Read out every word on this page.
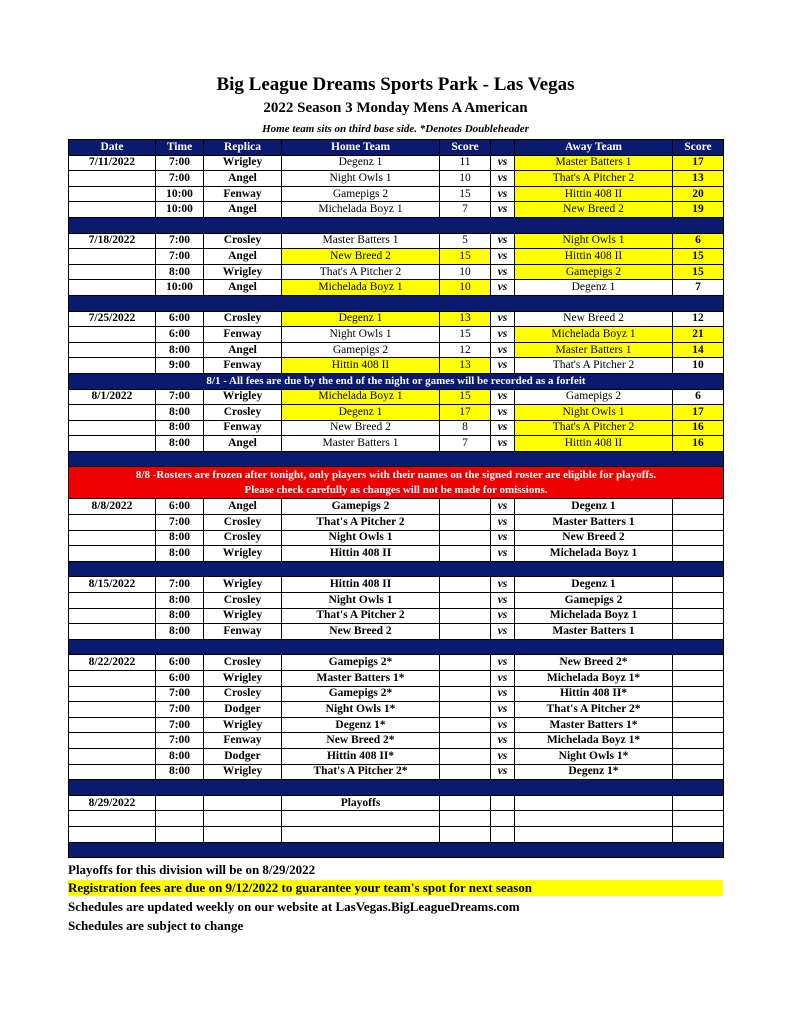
Big League Dreams Sports Park - Las Vegas
2022 Season 3 Monday Mens A American

Home team sits on third base side. *Denotes Doubleheader

Date	Time	Replica	Home Team	Score		Away Team	Score
7/11/2022	7:00	Wrigley	Degenz 1	11	vs	Master Batters 1	17
	7:00	Angel	Night Owls 1	10	vs	That's A Pitcher 2	13
	10:00	Fenway	Gamepigs 2	15	vs	Hittin 408 II	20
	10:00	Angel	Michelada Boyz 1	7	vs	New Breed 2	19

7/18/2022	7:00	Crosley	Master Batters 1	5	vs	Night Owls 1	6
	7:00	Angel	New Breed 2	15	vs	Hittin 408 II	15
	8:00	Wrigley	That's A Pitcher 2	10	vs	Gamepigs 2	15
	10:00	Angel	Michelada Boyz 1	10	vs	Degenz 1	7

7/25/2022	6:00	Crosley	Degenz 1	13	vs	New Breed 2	12
	6:00	Fenway	Night Owls 1	15	vs	Michelada Boyz 1	21
	8:00	Angel	Gamepigs 2	12	vs	Master Batters 1	14
	9:00	Fenway	Hittin 408 II	13	vs	That's A Pitcher 2	10
8/1 - All fees are due by the end of the night or games will be recorded as a forfeit							
8/1/2022	7:00	Wrigley	Michelada Boyz 1	15	vs	Gamepigs 2	6
	8:00	Crosley	Degenz 1	17	vs	Night Owls 1	17
	8:00	Fenway	New Breed 2	8	vs	That's A Pitcher 2	16
	8:00	Angel	Master Batters 1	7	vs	Hittin 408 II	16

8/8 -Rosters are frozen after tonight, only players with their names on the signed roster are eligible for playoffs.
Please check carefully as changes will not be made for omissions.							

8/8/2022	6:00	Angel	Gamepigs 2		vs	Degenz 1	
	7:00	Crosley	That's A Pitcher 2		vs	Master Batters 1	
	8:00	Crosley	Night Owls 1		vs	New Breed 2	
	8:00	Wrigley	Hittin 408 II		vs	Michelada Boyz 1	

8/15/2022	7:00	Wrigley	Hittin 408 II		vs	Degenz 1	
	8:00	Crosley	Night Owls 1		vs	Gamepigs 2	
	8:00	Wrigley	That's A Pitcher 2		vs	Michelada Boyz 1	
	8:00	Fenway	New Breed 2		vs	Master Batters 1	

8/22/2022	6:00	Crosley	Gamepigs 2*		vs	New Breed 2*	
	6:00	Wrigley	Master Batters 1*		vs	Michelada Boyz 1*	
	7:00	Crosley	Gamepigs 2*		vs	Hittin 408 II*	
	7:00	Dodger	Night Owls 1*		vs	That's A Pitcher 2*	
	7:00	Wrigley	Degenz 1*		vs	Master Batters 1*	
	7:00	Fenway	New Breed 2*		vs	Michelada Boyz 1*	
	8:00	Dodger	Hittin 408 II*		vs	Night Owls 1*	
	8:00	Wrigley	That's A Pitcher 2*		vs	Degenz 1*	

8/29/2022			Playoffs				

Playoffs for this division will be on 8/29/2022

Registration fees are due on 9/12/2022 to guarantee your team's spot for next season

Schedules are updated weekly on our website at LasVegas.BigLeagueDreams.com

Schedules are subject to change
